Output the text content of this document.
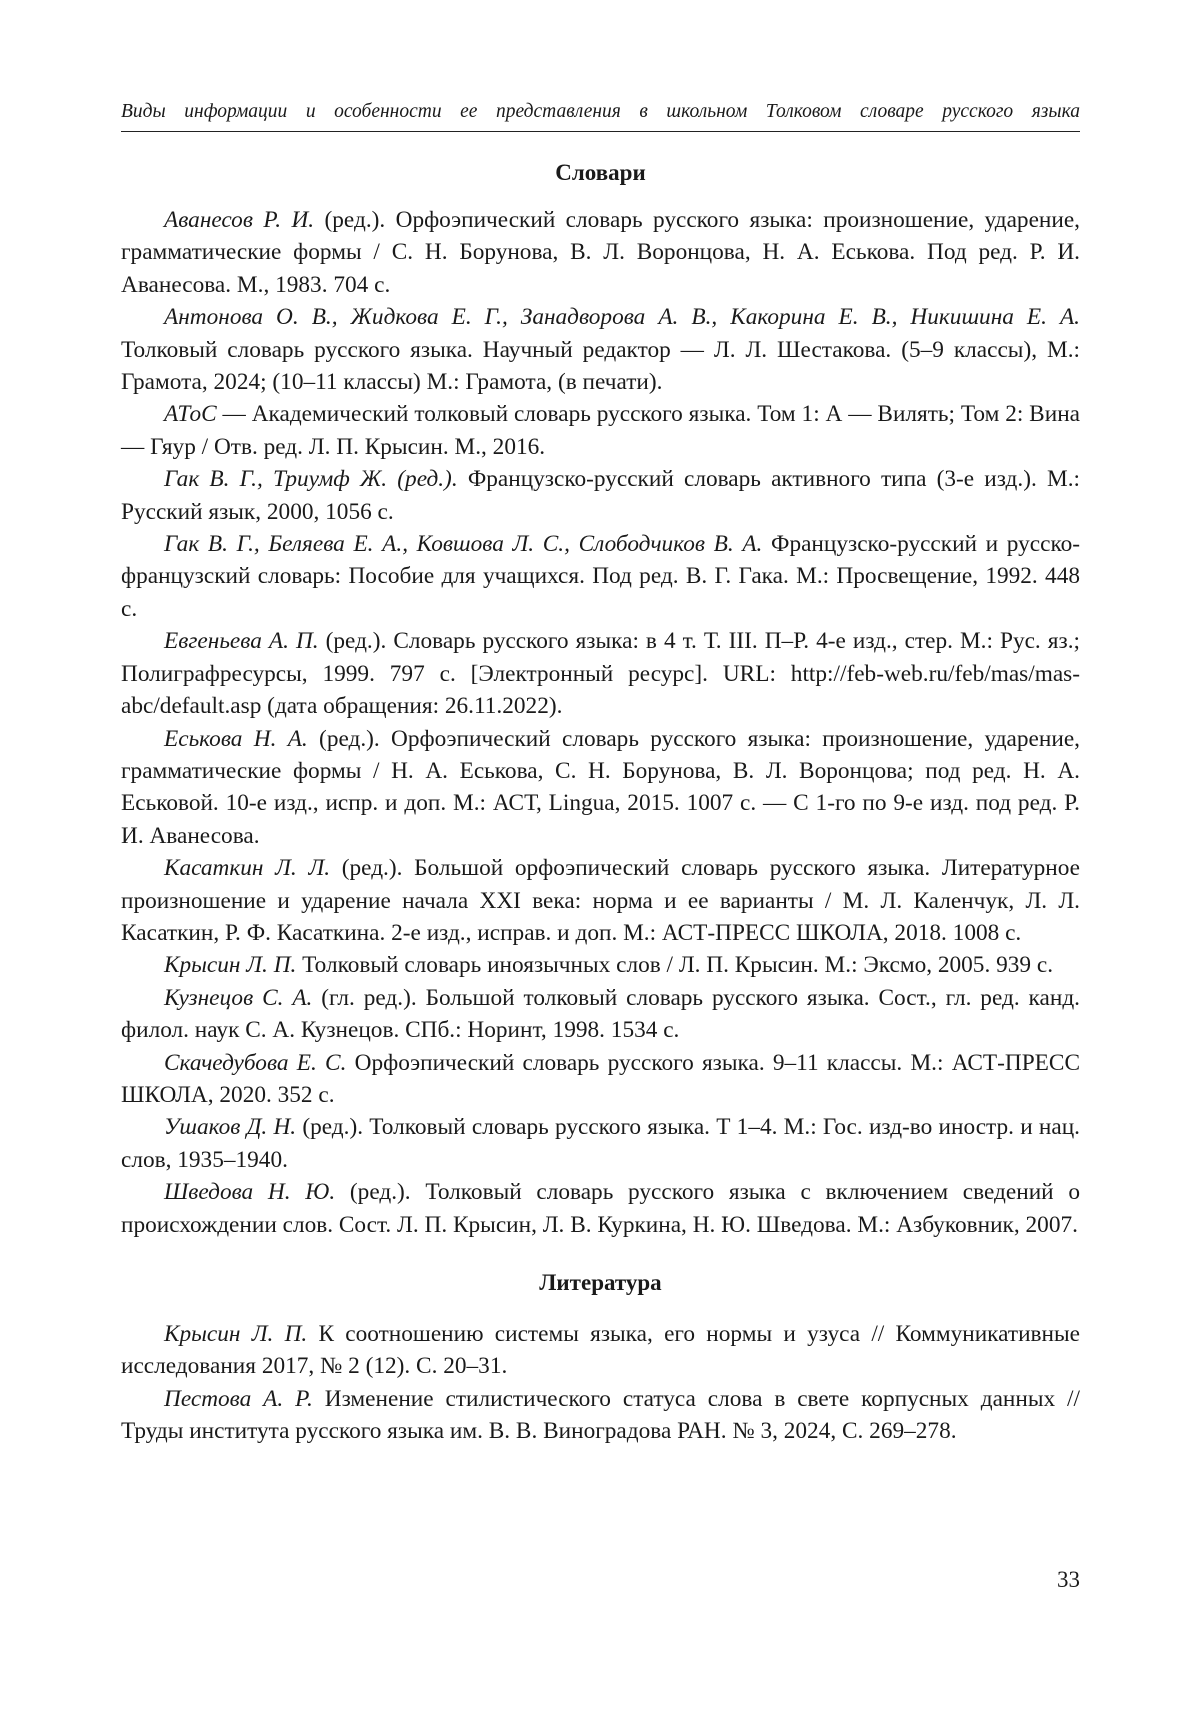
Виды информации и особенности ее представления в школьном Толковом словаре русского языка
Словари

Аванесов Р. И. (ред.). Орфоэпический словарь русского языка: произношение, ударение, грамматические формы / С. Н. Борунова, В. Л. Воронцова, Н. А. Еськова. Под ред. Р. И. Аванесова. М., 1983. 704 с.

Антонова О. В., Жидкова Е. Г., Занадворова А. В., Какорина Е. В., Никишина Е. А. Толковый словарь русского языка. Научный редактор — Л. Л. Шестакова. (5–9 классы), М.: Грамота, 2024; (10–11 классы) М.: Грамота, (в печати).

АТоС — Академический толковый словарь русского языка. Том 1: А — Вилять; Том 2: Вина — Гяур / Отв. ред. Л. П. Крысин. М., 2016.

Гак В. Г., Триумф Ж. (ред.). Французско-русский словарь активного типа (3-е изд.). М.: Русский язык, 2000, 1056 с.

Гак В. Г., Беляева Е. А., Ковшова Л. С., Слободчиков В. А. Французско-русский и русско-французский словарь: Пособие для учащихся. Под ред. В. Г. Гака. М.: Просвещение, 1992. 448 с.

Евгеньева А. П. (ред.). Словарь русского языка: в 4 т. Т. III. П–Р. 4-е изд., стер. М.: Рус. яз.; Полиграфресурсы, 1999. 797 с. [Электронный ресурс]. URL: http://feb-web.ru/feb/mas/mas-abc/default.asp (дата обращения: 26.11.2022).

Еськова Н. А. (ред.). Орфоэпический словарь русского языка: произношение, ударение, грамматические формы / Н. А. Еськова, С. Н. Борунова, В. Л. Воронцова; под ред. Н. А. Еськовой. 10-е изд., испр. и доп. М.: АСТ, Lingua, 2015. 1007 с. — С 1-го по 9-е изд. под ред. Р. И. Аванесова.

Касаткин Л. Л. (ред.). Большой орфоэпический словарь русского языка. Литературное произношение и ударение начала XXI века: норма и ее варианты / М. Л. Каленчук, Л. Л. Касаткин, Р. Ф. Касаткина. 2-е изд., исправ. и доп. М.: АСТ-ПРЕСС ШКОЛА, 2018. 1008 с.

Крысин Л. П. Толковый словарь иноязычных слов / Л. П. Крысин. М.: Эксмо, 2005. 939 с.

Кузнецов С. А. (гл. ред.). Большой толковый словарь русского языка. Сост., гл. ред. канд. филол. наук С. А. Кузнецов. СПб.: Норинт, 1998. 1534 с.

Скачедубова Е. С. Орфоэпический словарь русского языка. 9–11 классы. М.: АСТ-ПРЕСС ШКОЛА, 2020. 352 с.

Ушаков Д. Н. (ред.). Толковый словарь русского языка. Т 1–4. М.: Гос. изд-во иностр. и нац. слов, 1935–1940.

Шведова Н. Ю. (ред.). Толковый словарь русского языка с включением сведений о происхождении слов. Сост. Л. П. Крысин, Л. В. Куркина, Н. Ю. Шведова. М.: Азбуковник, 2007.

Литература

Крысин Л. П. К соотношению системы языка, его нормы и узуса // Коммуникативные исследования 2017, № 2 (12). С. 20–31.

Пестова А. Р. Изменение стилистического статуса слова в свете корпусных данных // Труды института русского языка им. В. В. Виноградова РАН. № 3, 2024, С. 269–278.

33
